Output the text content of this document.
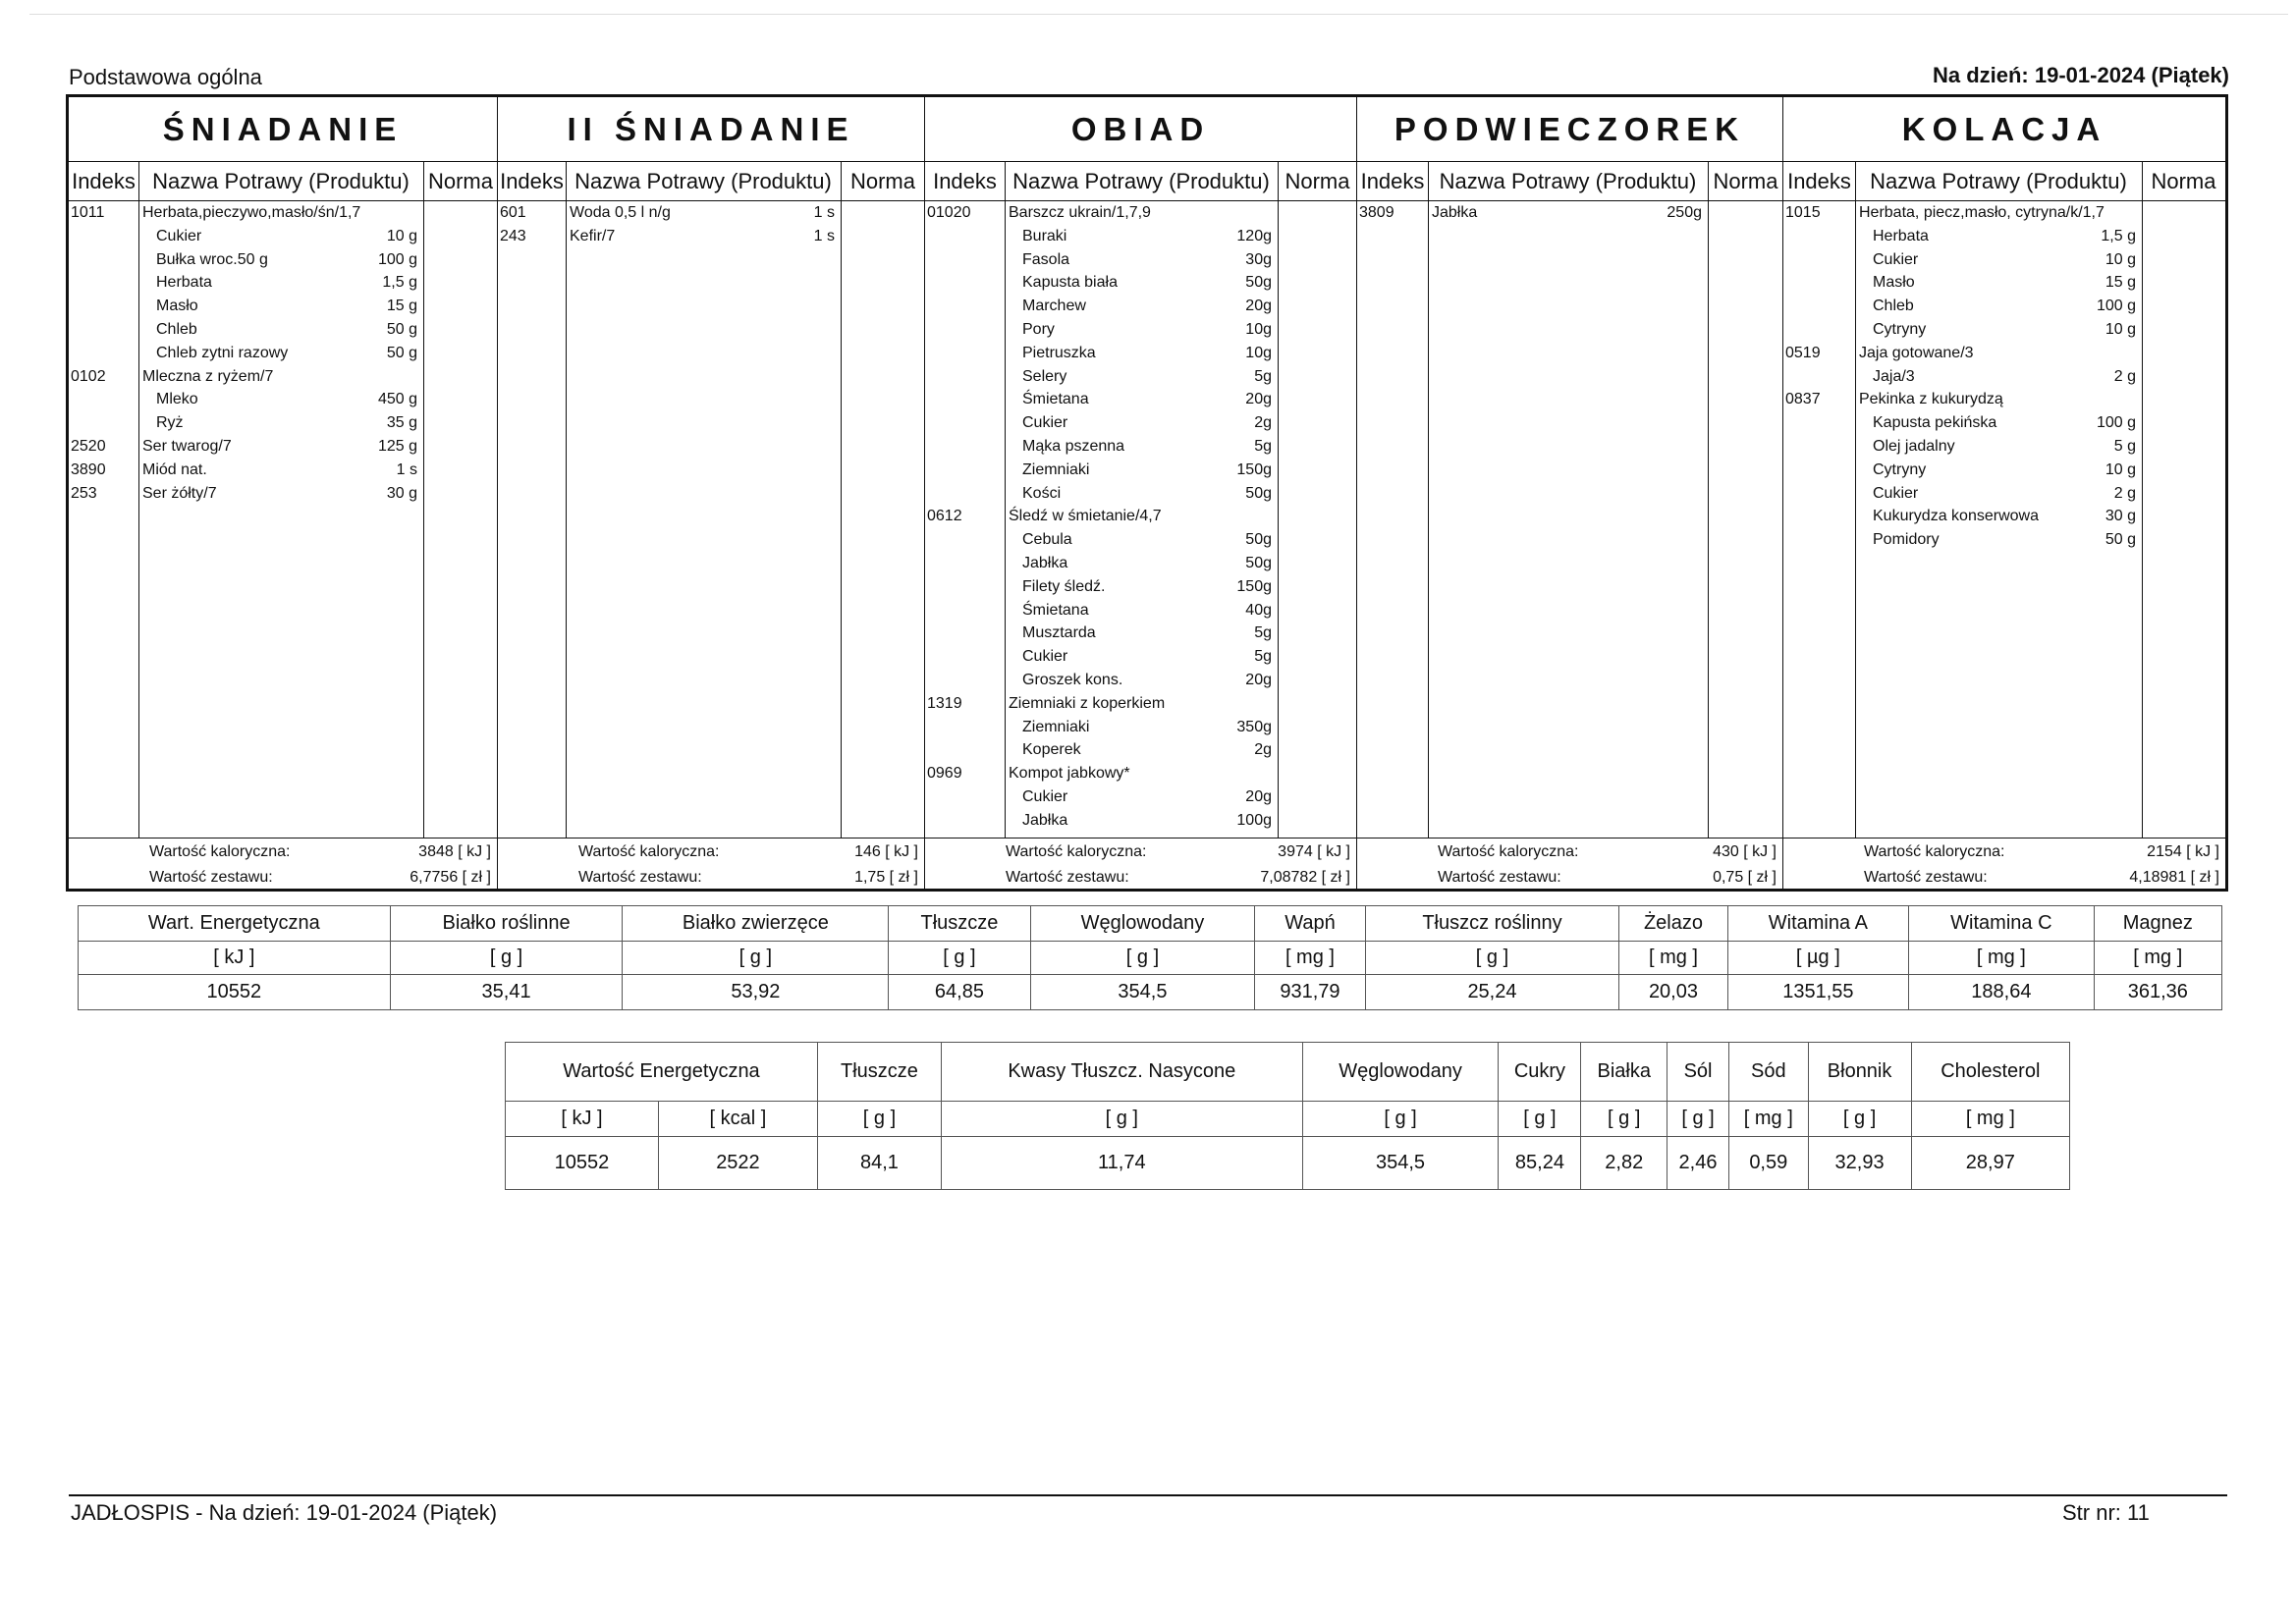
Podstawowa ogólna	Na dzień: 19-01-2024 (Piątek)
ŚNIADANIE
Indeks Nazwa Potrawy (Produktu) Norma
1011 Herbata,pieczywo,masło/śn/1,7
Cukier	10 g
Bułka wroc.50 g	100 g
Herbata	1,5 g
Masło	15 g
Chleb	50 g
Chleb zytni razowy	50 g
0102 Mleczna z ryżem/7
Mleko	450 g
Ryż	35 g
2520 Ser twarog/7	125 g
3890 Miód nat.	1 s
253	Ser żółty/7	30 g
Wartość kaloryczna:	3848 [ kJ ]
Wartość zestawu:	6,7756 [ zł ]
II ŚNIADANIE
Indeks Nazwa Potrawy (Produktu) Norma
601	Woda 0,5 l n/g	1 s
243	Kefir/7	1 s
Wartość kaloryczna:	146 [ kJ ]
Wartość zestawu:	1,75 [ zł ]
OBIAD
Indeks Nazwa Potrawy (Produktu) Norma
01020 Barszcz ukrain/1,7,9
Buraki	120g
Fasola	30g
Kapusta biała	50g
Marchew	20g
Pory	10g
Pietruszka	10g
Selery	5g
Śmietana	20g
Cukier	2g
Mąka pszenna	5g
Ziemniaki	150g
Kości	50g
0612	Śledź w śmietanie/4,7
Cebula	50g
Jabłka	50g
Filety śledź.	150g
Śmietana	40g
Musztarda	5g
Cukier	5g
Groszek kons.	20g
1319	Ziemniaki z koperkiem
Ziemniaki	350g
Koperek	2g
0969	Kompot jabkowy*
Cukier	20g
Jabłka	100g
Wartość kaloryczna:	3974 [ kJ ]
Wartość zestawu:	7,08782 [ zł ]
PODWIECZOREK
Indeks Nazwa Potrawy (Produktu) Norma
3809 Jabłka	250g
Wartość kaloryczna:	430 [ kJ ]
Wartość zestawu:	0,75 [ zł ]
KOLACJA
Indeks Nazwa Potrawy (Produktu)	Norma
1015 Herbata, piecz,masło, cytryna/k/1,7
Herbata	1,5 g
Cukier	10 g
Masło	15 g
Chleb	100 g
Cytryny	10 g
0519 Jaja gotowane/3
Jaja/3	2 g
0837 Pekinka z kukurydzą
Kapusta pekińska	100 g
Olej jadalny	5 g
Cytryny	10 g
Cukier	2 g
Kukurydza konserwowa	30 g
Pomidory	50 g
Wartość kaloryczna:	2154 [ kJ ]
Wartość zestawu:	4,18981 [ zł ]
Wart. Energetyczna	Białko roślinne	Białko zwierzęce	Tłuszcze	Węglowodany	Wapń	Tłuszcz roślinny	Żelazo	Witamina A	Witamina C	Magnez
[ kJ ]	[ g ]	[ g ]	[ g ]	[ g ]	[ mg ]	[ g ]	[ mg ]	[ µg ]	[ mg ]	[ mg ]
10552	35,41	53,92	64,85	354,5	931,79	25,24	20,03	1351,55	188,64	361,36
Wartość Energetyczna		Tłuszcze	Kwasy Tłuszcz. Nasycone	Węglowodany	Cukry	Białka	Sól	Sód	Błonnik	Cholesterol
[ kJ ]	[ kcal ]	[ g ]	[ g ]	[ g ]	[ g ]	[ g ]	[ g ]	[ mg ]	[ g ]	[ mg ]
10552	2522	84,1	11,74	354,5	85,24	2,82	2,46	0,59	32,93	28,97
JADŁOSPIS - Na dzień: 19-01-2024 (Piątek)	Str nr: 11
